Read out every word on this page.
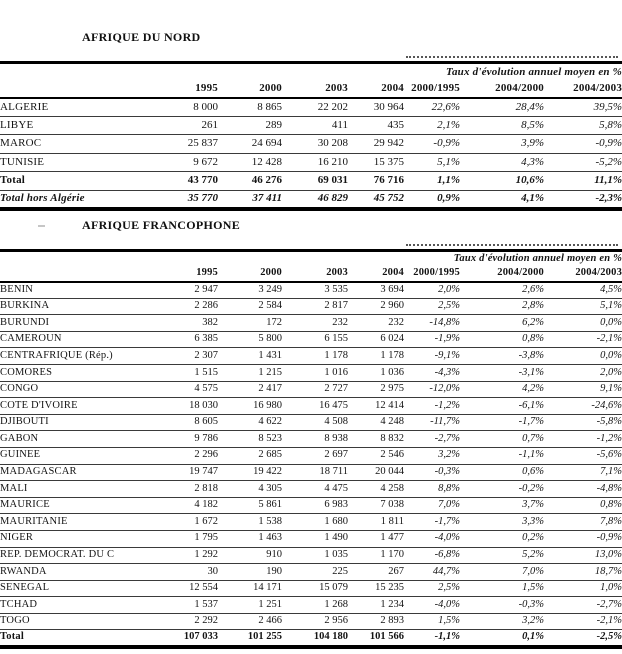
AFRIQUE DU NORD
					Taux d'évolution annuel moyen en %		
	1995	2000	2003	2004	2000/1995	2004/2000	2004/2003
ALGERIE	8 000	8 865	22 202	30 964	22,6%	28,4%	39,5%
LIBYE	261	289	411	435	2,1%	8,5%	5,8%
MAROC	25 837	24 694	30 208	29 942	-0,9%	3,9%	-0,9%
TUNISIE	9 672	12 428	16 210	15 375	5,1%	4,3%	-5,2%
Total	43 770	46 276	69 031	76 716	1,1%	10,6%	11,1%
Total hors Algérie	35 770	37 411	46 829	45 752	0,9%	4,1%	-2,3%
AFRIQUE FRANCOPHONE
					Taux d'évolution annuel moyen en %		
	1995	2000	2003	2004	2000/1995	2004/2000	2004/2003
BENIN	2 947	3 249	3 535	3 694	2,0%	2,6%	4,5%
BURKINA	2 286	2 584	2 817	2 960	2,5%	2,8%	5,1%
BURUNDI	382	172	232	232	-14,8%	6,2%	0,0%
CAMEROUN	6 385	5 800	6 155	6 024	-1,9%	0,8%	-2,1%
CENTRAFRIQUE (Rép.)	2 307	1 431	1 178	1 178	-9,1%	-3,8%	0,0%
COMORES	1 515	1 215	1 016	1 036	-4,3%	-3,1%	2,0%
CONGO	4 575	2 417	2 727	2 975	-12,0%	4,2%	9,1%
COTE D'IVOIRE	18 030	16 980	16 475	12 414	-1,2%	-6,1%	-24,6%
DJIBOUTI	8 605	4 622	4 508	4 248	-11,7%	-1,7%	-5,8%
GABON	9 786	8 523	8 938	8 832	-2,7%	0,7%	-1,2%
GUINEE	2 296	2 685	2 697	2 546	3,2%	-1,1%	-5,6%
MADAGASCAR	19 747	19 422	18 711	20 044	-0,3%	0,6%	7,1%
MALI	2 818	4 305	4 475	4 258	8,8%	-0,2%	-4,8%
MAURICE	4 182	5 861	6 983	7 038	7,0%	3,7%	0,8%
MAURITANIE	1 672	1 538	1 680	1 811	-1,7%	3,3%	7,8%
NIGER	1 795	1 463	1 490	1 477	-4,0%	0,2%	-0,9%
REP. DEMOCRAT. DU C	1 292	910	1 035	1 170	-6,8%	5,2%	13,0%
RWANDA	30	190	225	267	44,7%	7,0%	18,7%
SENEGAL	12 554	14 171	15 079	15 235	2,5%	1,5%	1,0%
TCHAD	1 537	1 251	1 268	1 234	-4,0%	-0,3%	-2,7%
TOGO	2 292	2 466	2 956	2 893	1,5%	3,2%	-2,1%
Total	107 033	101 255	104 180	101 566	-1,1%	0,1%	-2,5%
